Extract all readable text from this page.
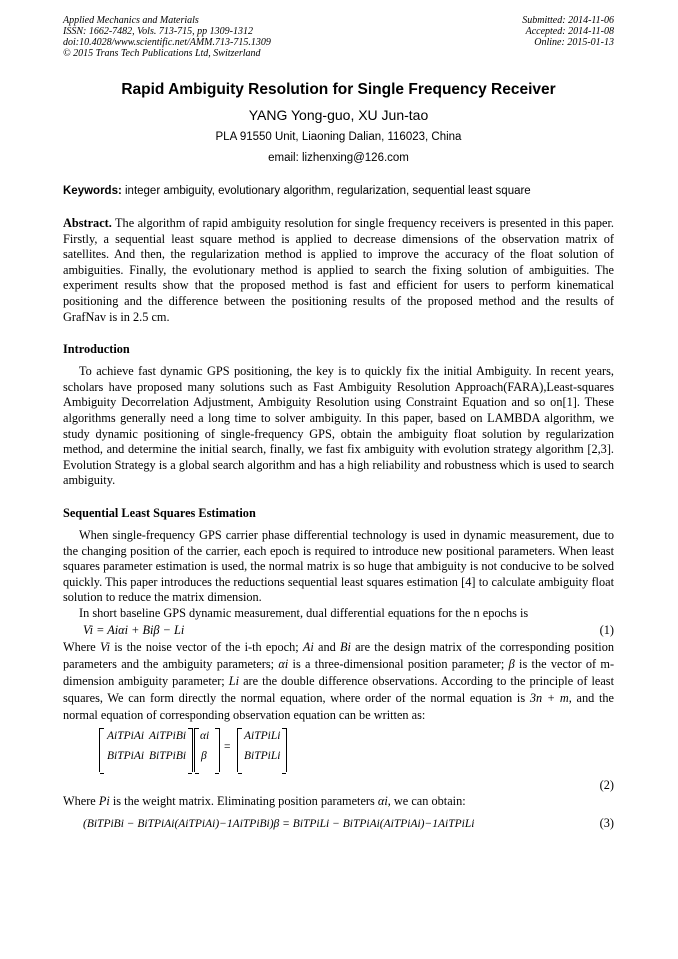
Applied Mechanics and Materials
ISSN: 1662-7482, Vols. 713-715, pp 1309-1312
doi:10.4028/www.scientific.net/AMM.713-715.1309
© 2015 Trans Tech Publications Ltd, Switzerland
Submitted: 2014-11-06
Accepted: 2014-11-08
Online: 2015-01-13
Rapid Ambiguity Resolution for Single Frequency Receiver
YANG Yong-guo, XU Jun-tao
PLA 91550 Unit, Liaoning Dalian, 116023, China
email: lizhenxing@126.com
Keywords: integer ambiguity, evolutionary algorithm, regularization, sequential least square

Abstract. The algorithm of rapid ambiguity resolution for single frequency receivers is presented in this paper. Firstly, a sequential least square method is applied to decrease dimensions of the observation matrix of satellites. And then, the regularization method is applied to improve the accuracy of the float solution of ambiguities. Finally, the evolutionary method is applied to search the fixing solution of ambiguities. The experiment results show that the proposed method is fast and efficient for users to perform kinematical positioning and the difference between the positioning results of the proposed method and the results of GrafNav is in 2.5 cm.

Introduction

To achieve fast dynamic GPS positioning, the key is to quickly fix the initial Ambiguity. In recent years, scholars have proposed many solutions such as Fast Ambiguity Resolution Approach(FARA),Least-squares Ambiguity Decorrelation Adjustment, Ambiguity Resolution using Constraint Equation and so on[1]. These algorithms generally need a long time to solver ambiguity. In this paper, based on LAMBDA algorithm, we study dynamic positioning of single-frequency GPS, obtain the ambiguity float solution by regularization method, and determine the initial search, finally, we fast fix ambiguity with evolution strategy algorithm [2,3]. Evolution Strategy is a global search algorithm and has a high reliability and robustness which is used to search ambiguity.

Sequential Least Squares Estimation

When single-frequency GPS carrier phase differential technology is used in dynamic measurement, due to the changing position of the carrier, each epoch is required to introduce new positional parameters. When least squares parameter estimation is used, the normal matrix is so huge that ambiguity is not conducive to be solved quickly. This paper introduces the reductions sequential least squares estimation [4] to calculate ambiguity float solution to reduce the matrix dimension.

In short baseline GPS dynamic measurement, dual differential equations for the n epochs is

Vi = Aiαi + Biβ − Li	(1)

Where Vi is the noise vector of the i-th epoch; Ai and Bi are the design matrix of the corresponding position parameters and the ambiguity parameters; αi is a three-dimensional position parameter; β is the vector of m-dimension ambiguity parameter; Li are the double difference observations. According to the principle of least squares, We can form directly the normal equation, where order of the normal equation is 3n + m, and the normal equation of corresponding observation equation can be written as:

AiTPiAi AiTPiBi
BiTPiAi BiTPiBi
αi
β
=
AiTPiLi
BiTPiLi
(2)

Where Pi is the weight matrix. Eliminating position parameters αi, we can obtain:

(BiTPiBi − BiTPiAi(AiTPiAi)−1AiTPiBi)β = BiTPiLi − BiTPiAi(AiTPiAi)−1AiTPiLi	(3)
